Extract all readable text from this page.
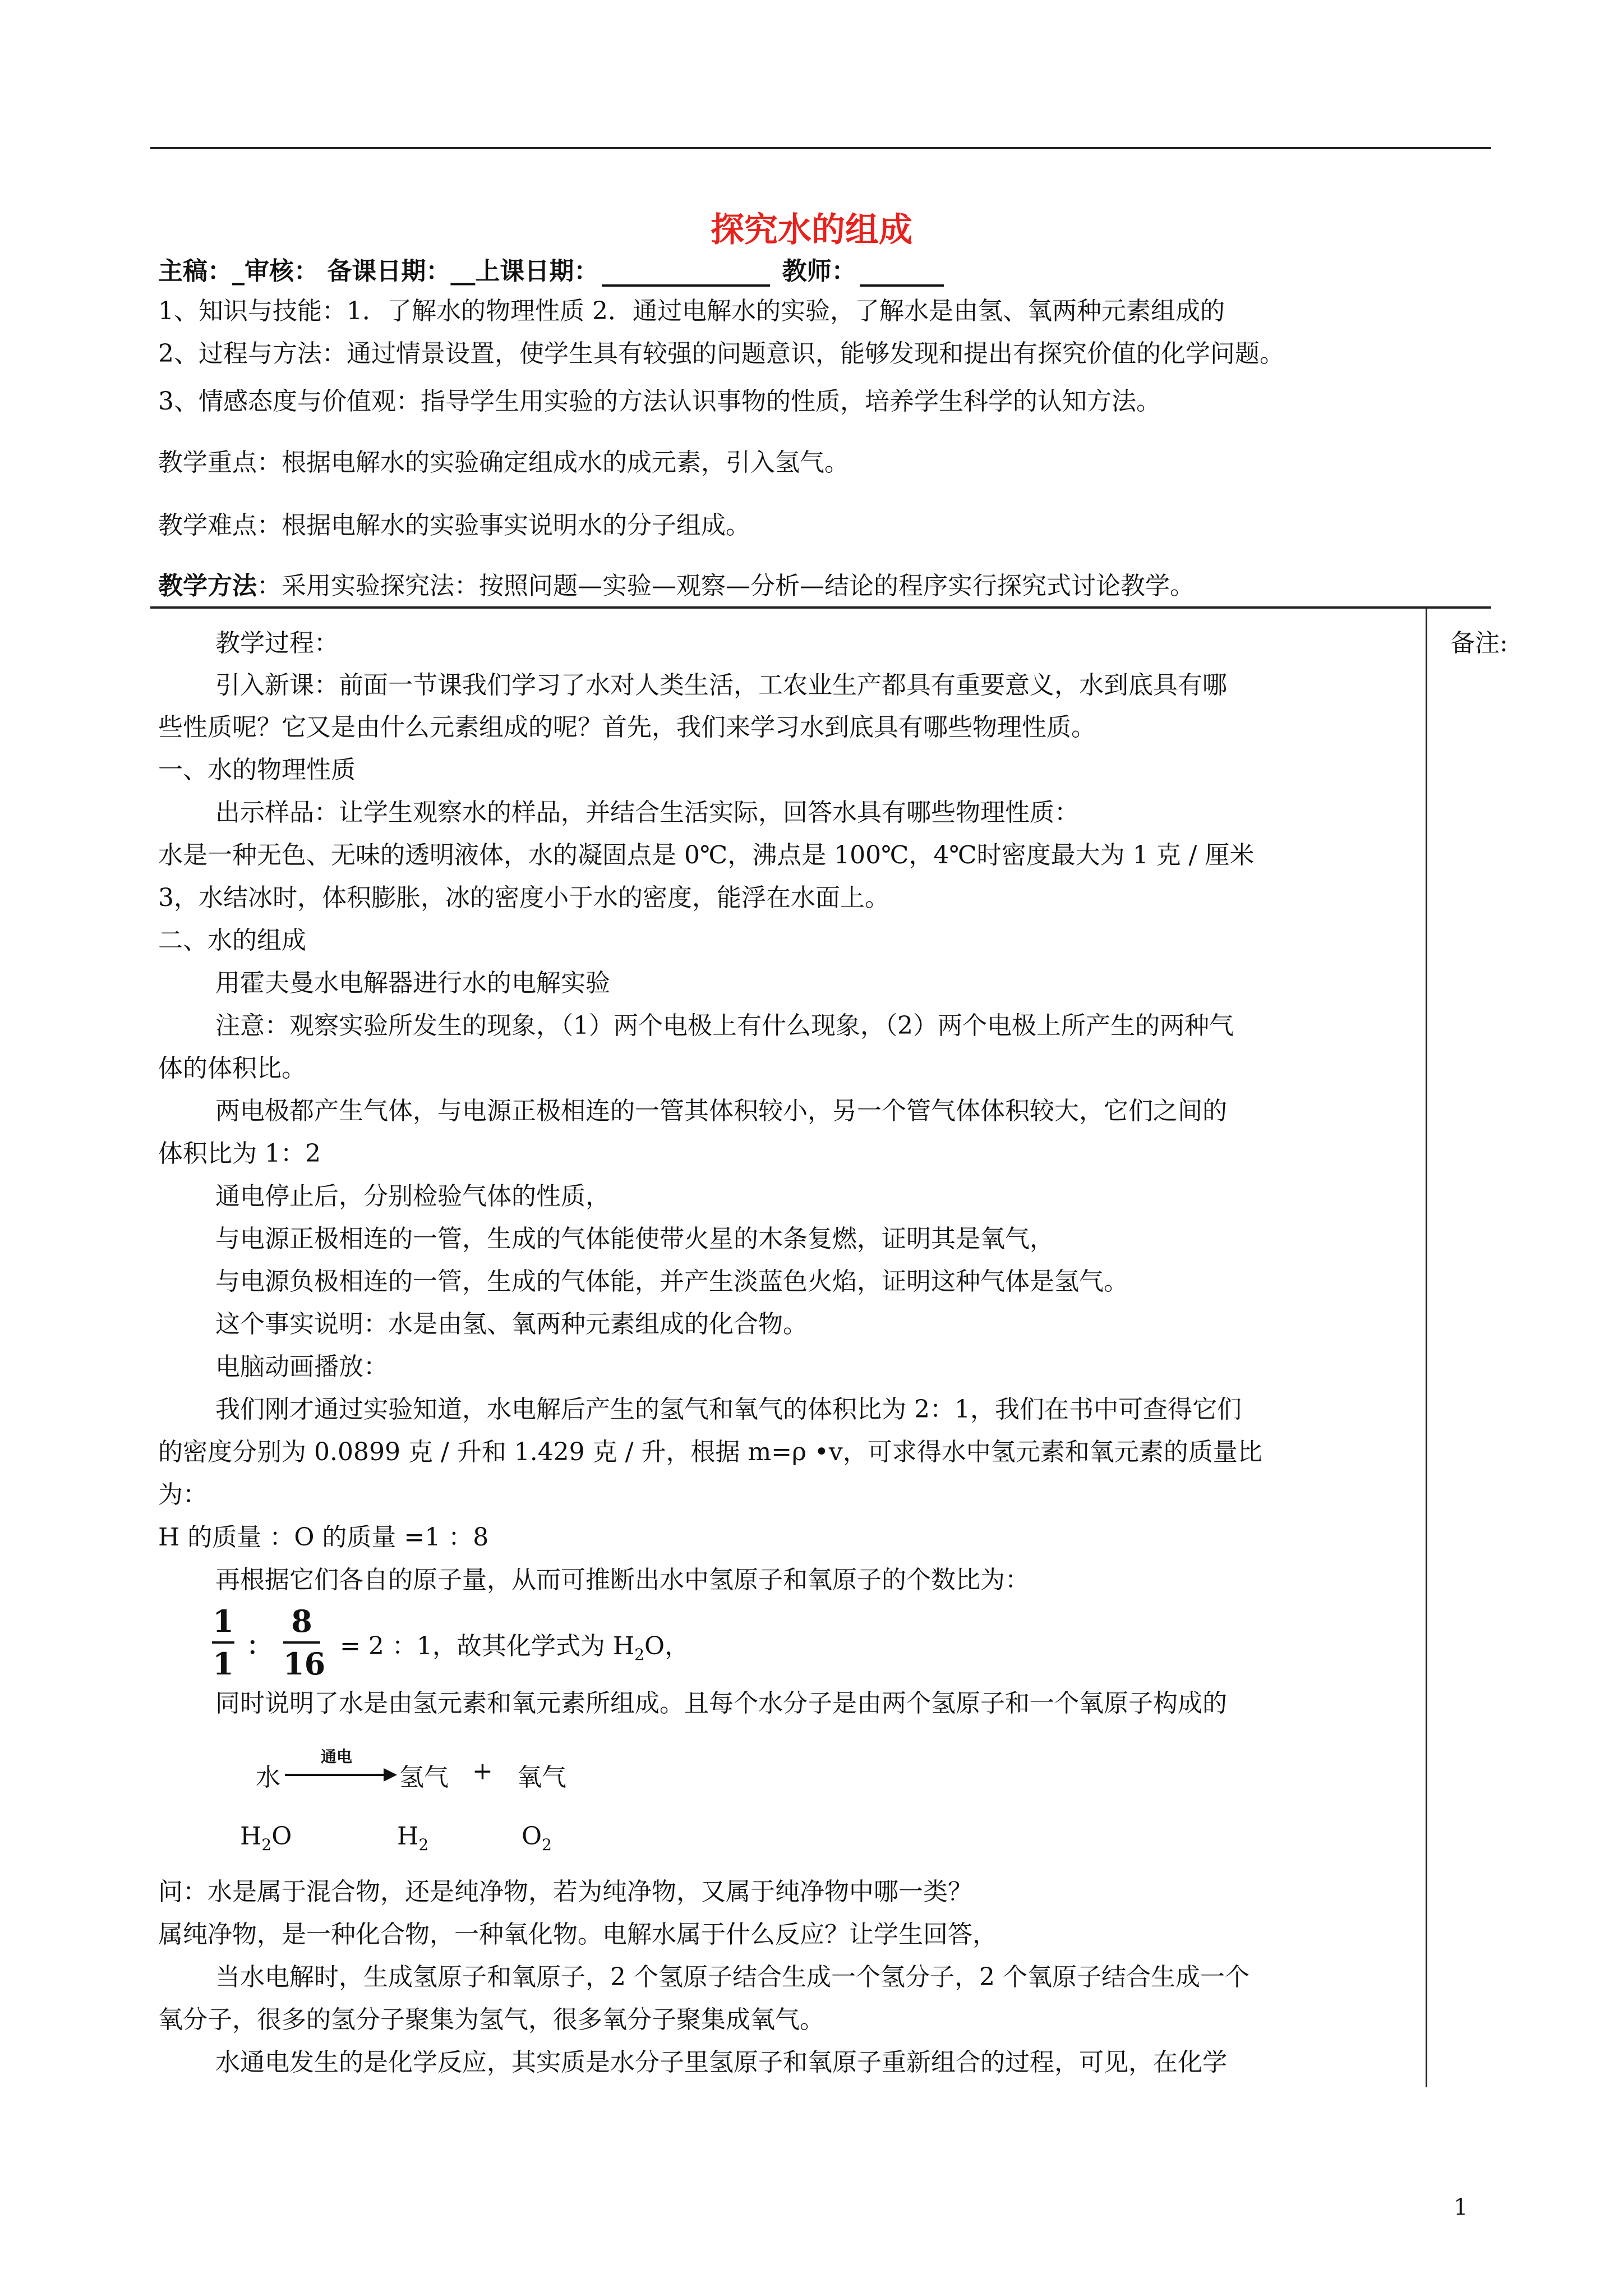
探究水的组成
主稿：_审核： 备课日期：__上课日期：	教师：
1、知识与技能：1．了解水的物理性质 2．通过电解水的实验，了解水是由氢、氧两种元素组成的
2、过程与方法：通过情景设置，使学生具有较强的问题意识，能够发现和提出有探究价值的化学问题。
3、情感态度与价值观：指导学生用实验的方法认识事物的性质，培养学生科学的认知方法。
教学重点：根据电解水的实验确定组成水的成元素，引入氢气。
教学难点：根据电解水的实验事实说明水的分子组成。
教学方法：采用实验探究法：按照问题—实验—观察—分析—结论的程序实行探究式讨论教学。
备注:
教学过程：
引入新课：前面一节课我们学习了水对人类生活，工农业生产都具有重要意义，水到底具有哪
些性质呢？它又是由什么元素组成的呢？首先，我们来学习水到底具有哪些物理性质。
一、水的物理性质
出示样品：让学生观察水的样品，并结合生活实际，回答水具有哪些物理性质：
水是一种无色、无味的透明液体，水的凝固点是 0℃，沸点是 100℃，4℃时密度最大为 1 克 / 厘米
3，水结冰时，体积膨胀，冰的密度小于水的密度，能浮在水面上。
二、水的组成
用霍夫曼水电解器进行水的电解实验
注意：观察实验所发生的现象，（1）两个电极上有什么现象，（2）两个电极上所产生的两种气
体的体积比。
两电极都产生气体，与电源正极相连的一管其体积较小，另一个管气体体积较大，它们之间的
体积比为 1：2
通电停止后，分别检验气体的性质，
与电源正极相连的一管，生成的气体能使带火星的木条复燃，证明其是氧气，
与电源负极相连的一管，生成的气体能，并产生淡蓝色火焰，证明这种气体是氢气。
这个事实说明：水是由氢、氧两种元素组成的化合物。
电脑动画播放：
我们刚才通过实验知道，水电解后产生的氢气和氧气的体积比为 2：1，我们在书中可查得它们
的密度分别为 0.0899 克 / 升和 1.429 克 / 升，根据 m=ρ •v，可求得水中氢元素和氧元素的质量比
为：
H 的质量 ：O 的质量 =1 ：8
再根据它们各自的原子量，从而可推断出水中氢原子和氧原子的个数比为：
1
1 ：
8
16 = 2 ：1，故其化学式为 $H_2O$，
同时说明了水是由氢元素和氧元素所组成。且每个水分子是由两个氢原子和一个氧原子构成的
水
通电
氢气 + 氧气
$H_2O$	$H_2$	$O_2$
问：水是属于混合物，还是纯净物，若为纯净物，又属于纯净物中哪一类？
属纯净物，是一种化合物，一种氧化物。电解水属于什么反应？让学生回答，
当水电解时，生成氢原子和氧原子，2 个氢原子结合生成一个氢分子，2 个氧原子结合生成一个
氧分子，很多的氢分子聚集为氢气，很多氧分子聚集成氧气。
水通电发生的是化学反应，其实质是水分子里氢原子和氧原子重新组合的过程，可见，在化学
1
